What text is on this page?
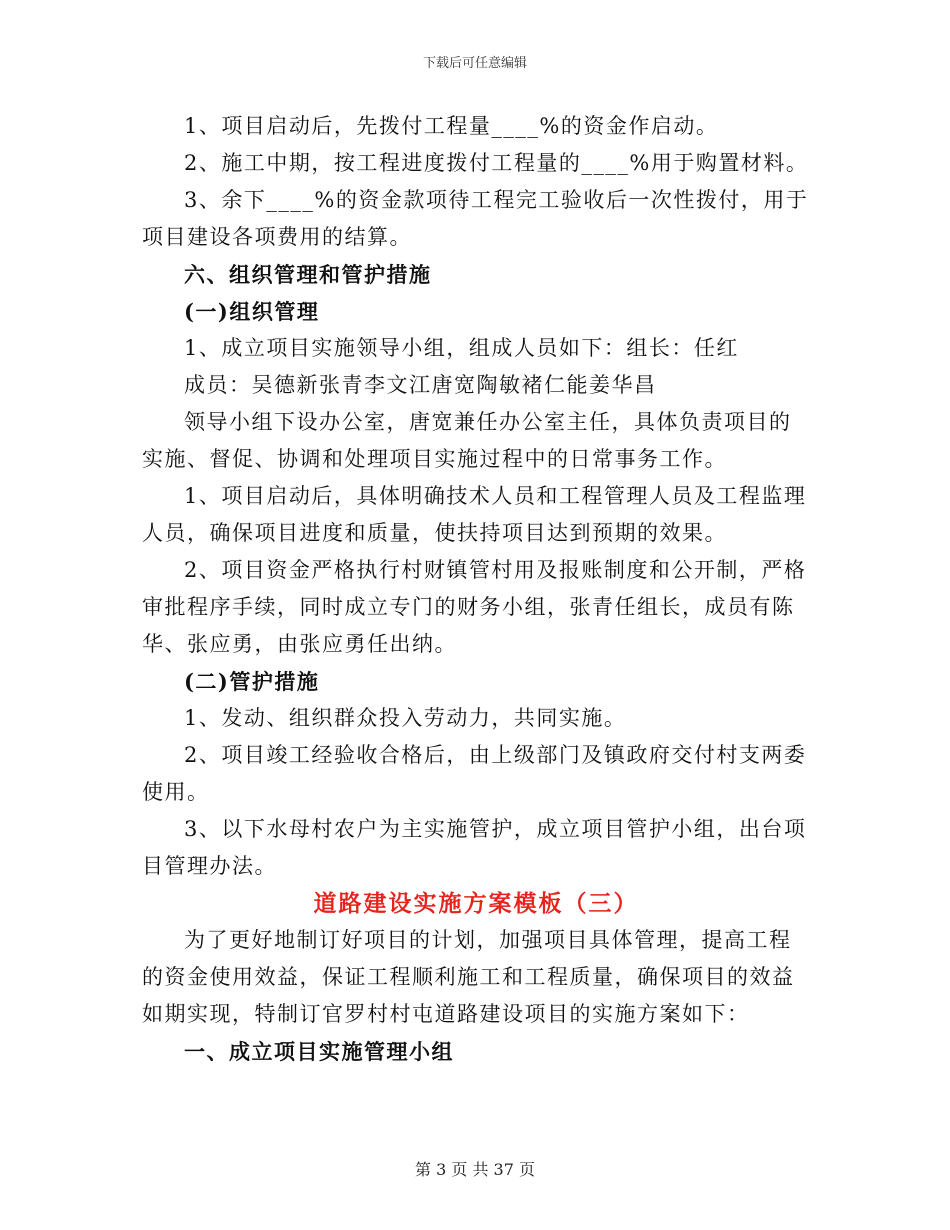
下载后可任意编辑

1、项目启动后，先拨付工程量____%的资金作启动。

2、施工中期，按工程进度拨付工程量的____%用于购置材料。

3、余下____%的资金款项待工程完工验收后一次性拨付，用于项目建设各项费用的结算。

六、组织管理和管护措施

(一)组织管理

1、成立项目实施领导小组，组成人员如下：组长：任红

成员：吴德新张青李文江唐宽陶敏褚仁能姜华昌

领导小组下设办公室，唐宽兼任办公室主任，具体负责项目的实施、督促、协调和处理项目实施过程中的日常事务工作。

1、项目启动后，具体明确技术人员和工程管理人员及工程监理人员，确保项目进度和质量，使扶持项目达到预期的效果。

2、项目资金严格执行村财镇管村用及报账制度和公开制，严格审批程序手续，同时成立专门的财务小组，张青任组长，成员有陈华、张应勇，由张应勇任出纳。

(二)管护措施

1、发动、组织群众投入劳动力，共同实施。

2、项目竣工经验收合格后，由上级部门及镇政府交付村支两委使用。

3、以下水母村农户为主实施管护，成立项目管护小组，出台项目管理办法。

道路建设实施方案模板（三）

为了更好地制订好项目的计划，加强项目具体管理，提高工程的资金使用效益，保证工程顺利施工和工程质量，确保项目的效益如期实现，特制订官罗村村屯道路建设项目的实施方案如下：

一、成立项目实施管理小组

第 3 页 共 37 页
